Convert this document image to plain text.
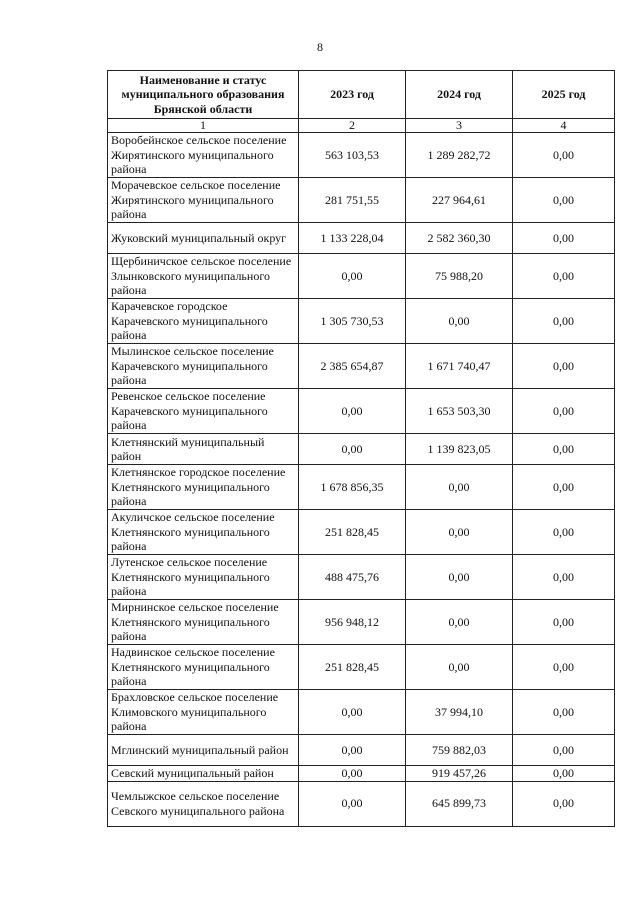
8
Наименование и статус муниципального образования Брянской области	2023 год	2024 год	2025 год
1	2	3	4
Воробейнское сельское поселение Жирятинского муниципального района	563 103,53	1 289 282,72	0,00
Морачевское сельское поселение Жирятинского муниципального района	281 751,55	227 964,61	0,00
Жуковский муниципальный округ	1 133 228,04	2 582 360,30	0,00
Щербиничское сельское поселение Злынковского муниципального района	0,00	75 988,20	0,00
Карачевское городское Карачевского муниципального района	1 305 730,53	0,00	0,00
Мылинское сельское поселение Карачевского муниципального района	2 385 654,87	1 671 740,47	0,00
Ревенское сельское поселение Карачевского муниципального района	0,00	1 653 503,30	0,00
Клетнянский муниципальный район	0,00	1 139 823,05	0,00
Клетнянское городское поселение Клетнянского муниципального района	1 678 856,35	0,00	0,00
Акуличское сельское поселение Клетнянского муниципального района	251 828,45	0,00	0,00
Лутенское сельское поселение Клетнянского муниципального района	488 475,76	0,00	0,00
Мирнинское сельское поселение Клетнянского муниципального района	956 948,12	0,00	0,00
Надвинское сельское поселение Клетнянского муниципального района	251 828,45	0,00	0,00
Брахловское сельское поселение Климовского муниципального района	0,00	37 994,10	0,00
Мглинский муниципальный район	0,00	759 882,03	0,00
Севский муниципальный район	0,00	919 457,26	0,00
Чемлыжское сельское поселение Севского муниципального района	0,00	645 899,73	0,00
